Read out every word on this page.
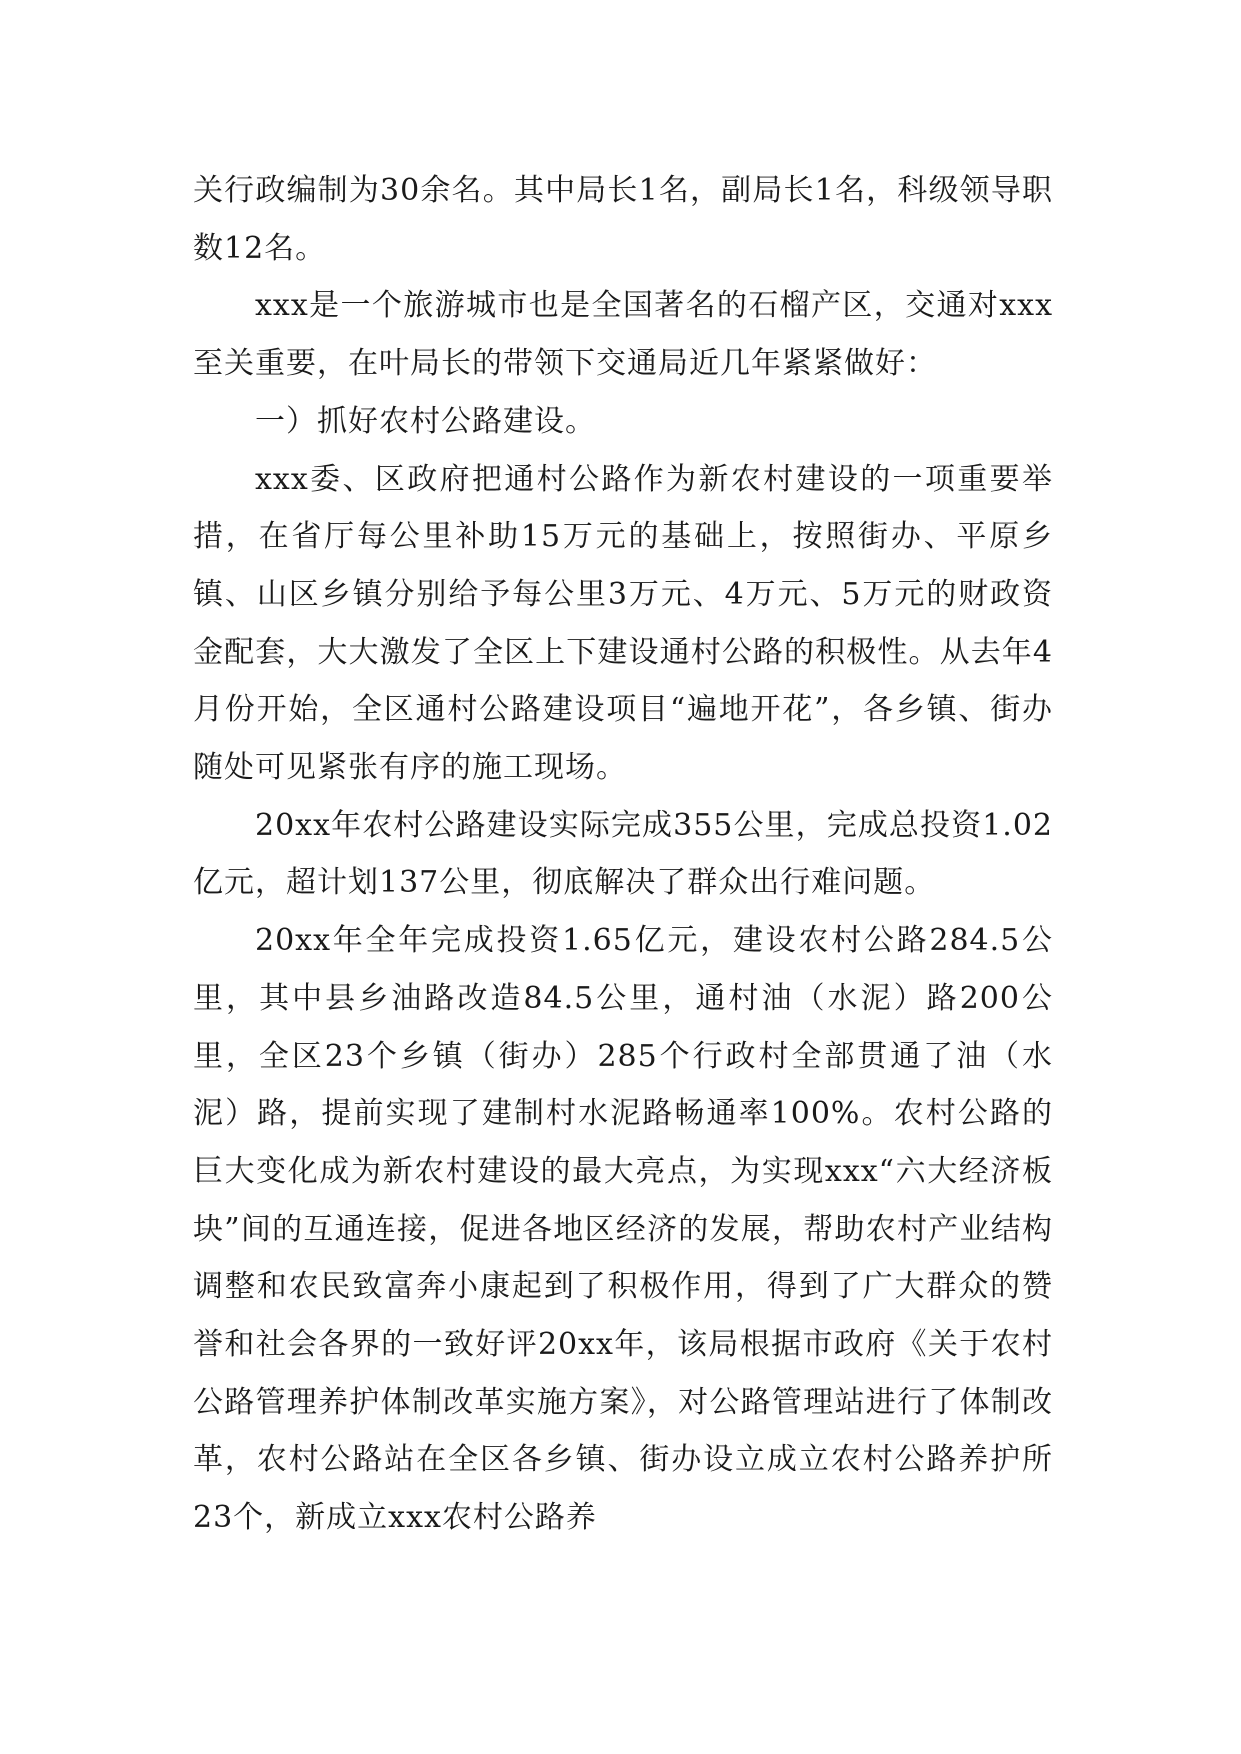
关行政编制为30余名。其中局长1名，副局长1名，科级领导职数12名。

xxx是一个旅游城市也是全国著名的石榴产区，交通对xxx至关重要，在叶局长的带领下交通局近几年紧紧做好：

一）抓好农村公路建设。

xxx委、区政府把通村公路作为新农村建设的一项重要举措，在省厅每公里补助15万元的基础上，按照街办、平原乡镇、山区乡镇分别给予每公里3万元、4万元、5万元的财政资金配套，大大激发了全区上下建设通村公路的积极性。从去年4月份开始，全区通村公路建设项目“遍地开花”，各乡镇、街办随处可见紧张有序的施工现场。

20xx年农村公路建设实际完成355公里，完成总投资1.02亿元，超计划137公里，彻底解决了群众出行难问题。

20xx年全年完成投资1.65亿元，建设农村公路284.5公里，其中县乡油路改造84.5公里，通村油（水泥）路200公里，全区23个乡镇（街办）285个行政村全部贯通了油（水泥）路，提前实现了建制村水泥路畅通率100%。农村公路的巨大变化成为新农村建设的最大亮点，为实现xxx“六大经济板块”间的互通连接，促进各地区经济的发展，帮助农村产业结构调整和农民致富奔小康起到了积极作用，得到了广大群众的赞誉和社会各界的一致好评20xx年，该局根据市政府《关于农村公路管理养护体制改革实施方案》，对公路管理站进行了体制改革，农村公路站在全区各乡镇、街办设立成立农村公路养护所23个，新成立xxx农村公路养
